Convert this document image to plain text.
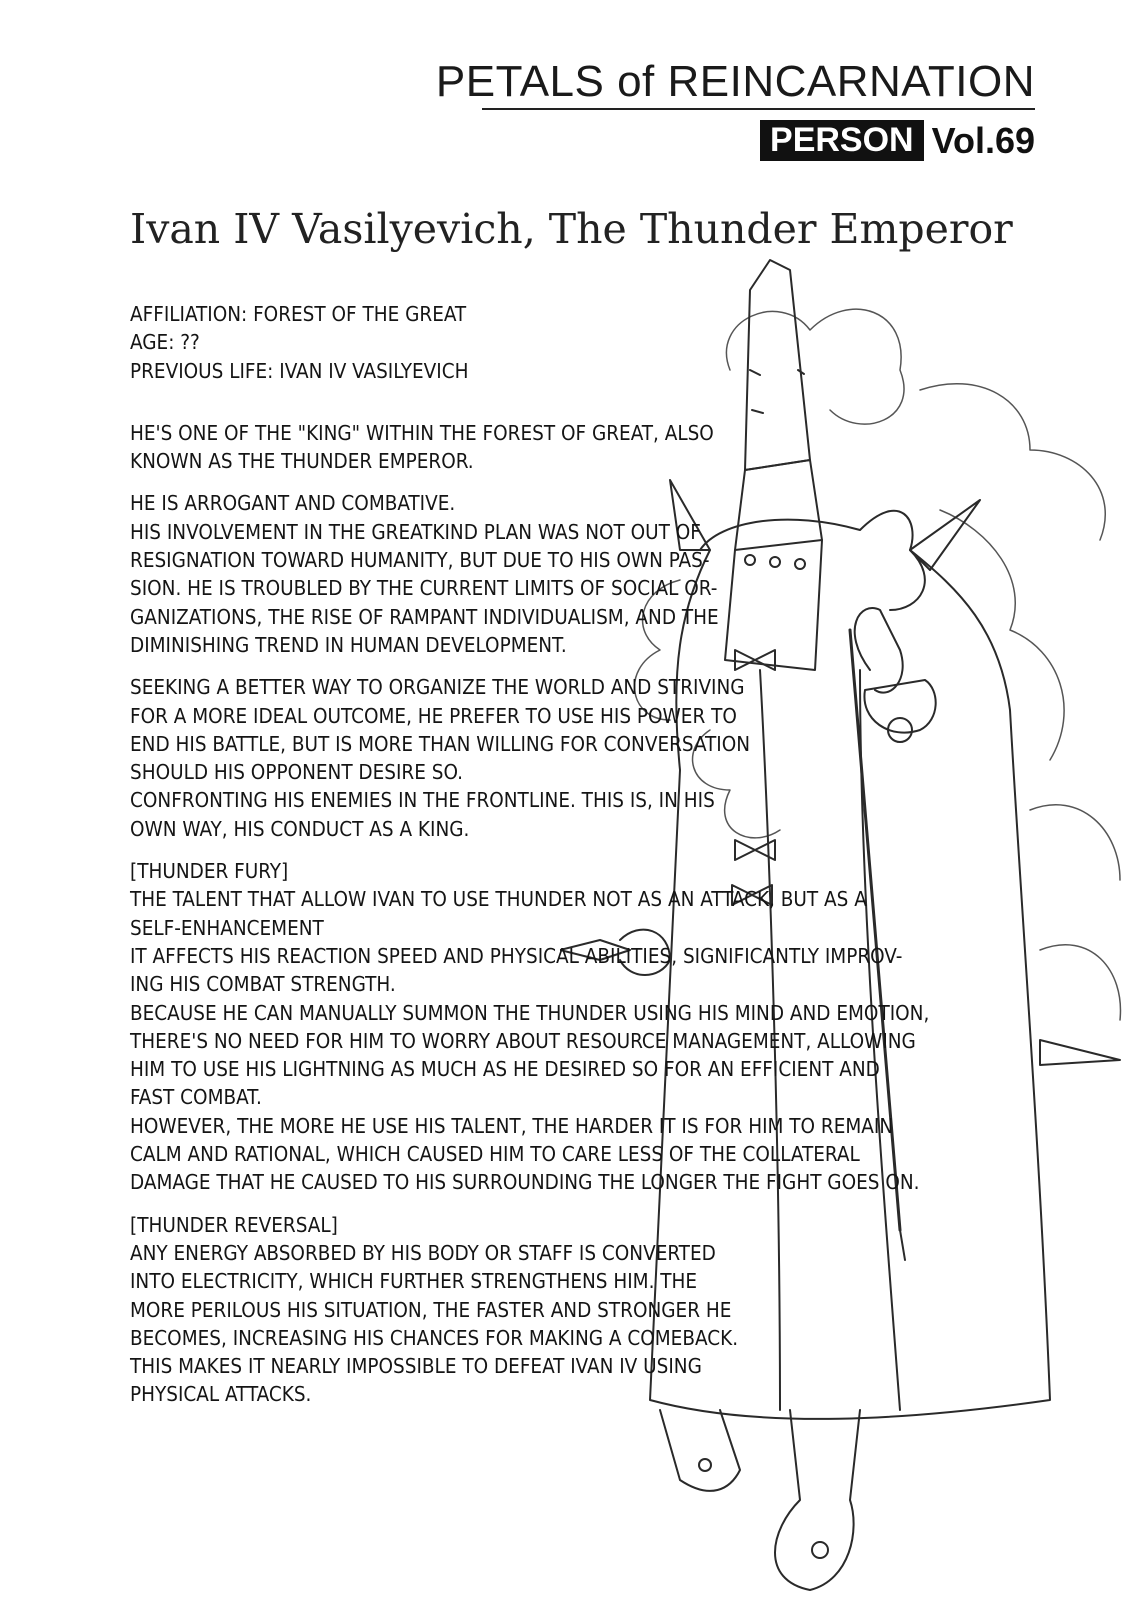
PETALS of REINCARNATION
PERSON Vol.69
Ivan IV Vasilyevich, The Thunder Emperor

AFFILIATION: FOREST OF THE GREAT
AGE: ??
PREVIOUS LIFE: IVAN IV VASILYEVICH

HE'S ONE OF THE "KING" WITHIN THE FOREST OF GREAT, ALSO
KNOWN AS THE THUNDER EMPEROR.

HE IS ARROGANT AND COMBATIVE.
HIS INVOLVEMENT IN THE GREATKIND PLAN WAS NOT OUT OF
RESIGNATION TOWARD HUMANITY, BUT DUE TO HIS OWN PAS-
SION. HE IS TROUBLED BY THE CURRENT LIMITS OF SOCIAL OR-
GANIZATIONS, THE RISE OF RAMPANT INDIVIDUALISM, AND THE
DIMINISHING TREND IN HUMAN DEVELOPMENT.

SEEKING A BETTER WAY TO ORGANIZE THE WORLD AND STRIVING
FOR A MORE IDEAL OUTCOME, HE PREFER TO USE HIS POWER TO
END HIS BATTLE, BUT IS MORE THAN WILLING FOR CONVERSATION
SHOULD HIS OPPONENT DESIRE SO.
CONFRONTING HIS ENEMIES IN THE FRONTLINE. THIS IS, IN HIS
OWN WAY, HIS CONDUCT AS A KING.

[THUNDER FURY]
THE TALENT THAT ALLOW IVAN TO USE THUNDER NOT AS AN ATTACK, BUT AS A
SELF-ENHANCEMENT
IT AFFECTS HIS REACTION SPEED AND PHYSICAL ABILITIES, SIGNIFICANTLY IMPROV-
ING HIS COMBAT STRENGTH.
BECAUSE HE CAN MANUALLY SUMMON THE THUNDER USING HIS MIND AND EMOTION,
THERE'S NO NEED FOR HIM TO WORRY ABOUT RESOURCE MANAGEMENT, ALLOWING
HIM TO USE HIS LIGHTNING AS MUCH AS HE DESIRED SO FOR AN EFFICIENT AND
FAST COMBAT.
HOWEVER, THE MORE HE USE HIS TALENT, THE HARDER IT IS FOR HIM TO REMAIN
CALM AND RATIONAL, WHICH CAUSED HIM TO CARE LESS OF THE COLLATERAL
DAMAGE THAT HE CAUSED TO HIS SURROUNDING THE LONGER THE FIGHT GOES ON.

[THUNDER REVERSAL]
ANY ENERGY ABSORBED BY HIS BODY OR STAFF IS CONVERTED
INTO ELECTRICITY, WHICH FURTHER STRENGTHENS HIM. THE
MORE PERILOUS HIS SITUATION, THE FASTER AND STRONGER HE
BECOMES, INCREASING HIS CHANCES FOR MAKING A COMEBACK.
THIS MAKES IT NEARLY IMPOSSIBLE TO DEFEAT IVAN IV USING
PHYSICAL ATTACKS.
